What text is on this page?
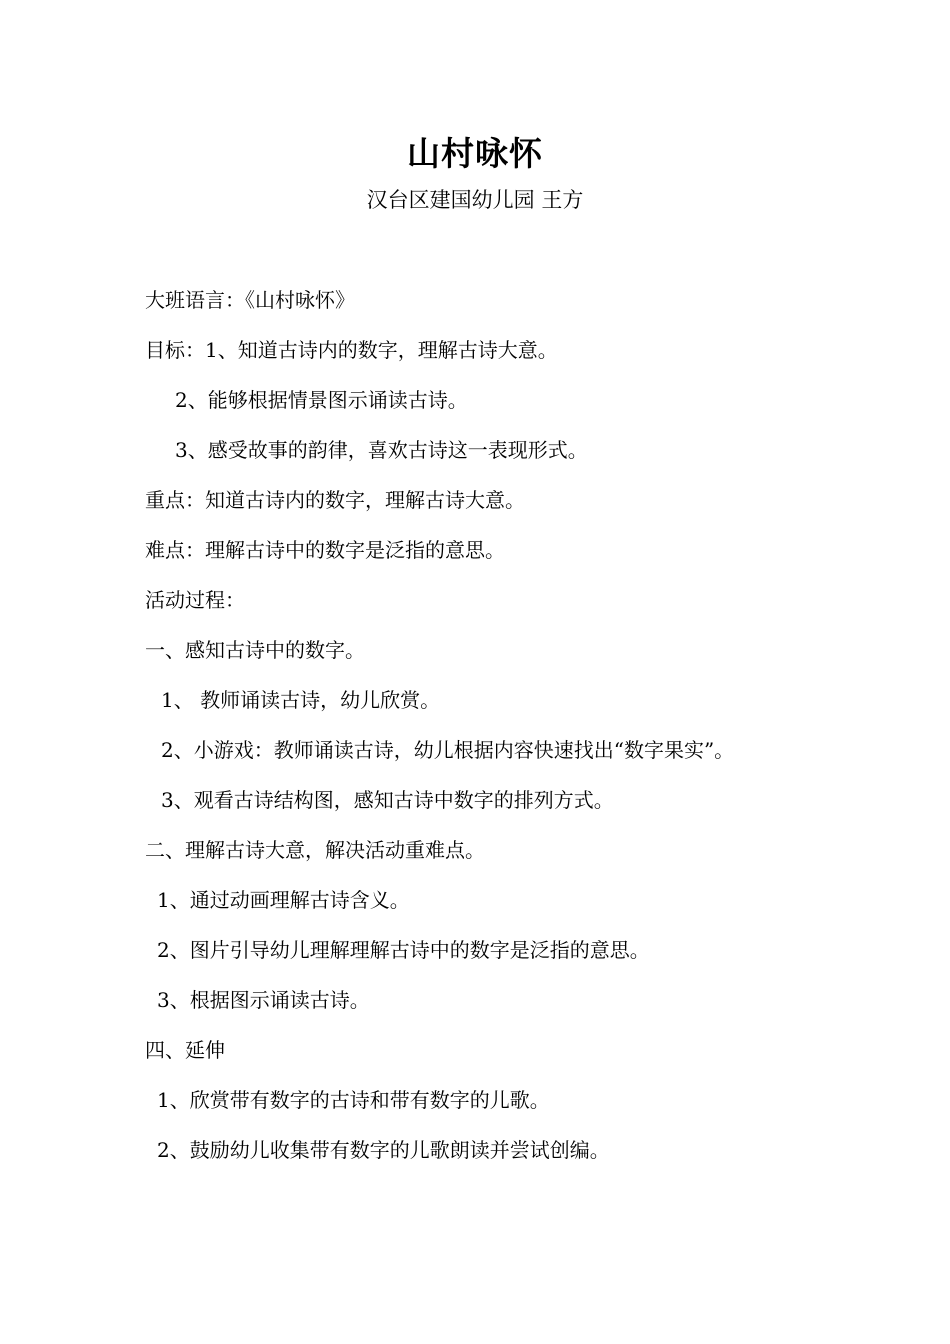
山村咏怀
汉台区建国幼儿园 王方
大班语言：《山村咏怀》
目标：1、知道古诗内的数字，理解古诗大意。
2、能够根据情景图示诵读古诗。
3、感受故事的韵律，喜欢古诗这一表现形式。
重点：知道古诗内的数字，理解古诗大意。
难点：理解古诗中的数字是泛指的意思。
活动过程：
一、感知古诗中的数字。
1、 教师诵读古诗，幼儿欣赏。
2、小游戏：教师诵读古诗，幼儿根据内容快速找出“数字果实”。
3、观看古诗结构图，感知古诗中数字的排列方式。
二、理解古诗大意，解决活动重难点。
1、通过动画理解古诗含义。
2、图片引导幼儿理解理解古诗中的数字是泛指的意思。
3、根据图示诵读古诗。
四、延伸
1、欣赏带有数字的古诗和带有数字的儿歌。
2、鼓励幼儿收集带有数字的儿歌朗读并尝试创编。
